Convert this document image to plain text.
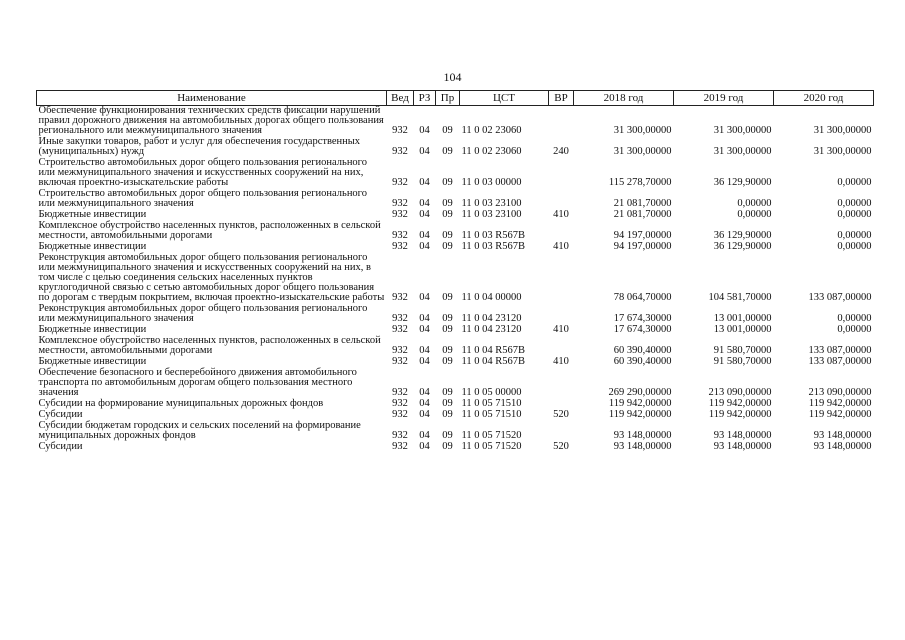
104
Наименование	Вед	РЗ	Пр	ЦСТ	ВР	2018 год	2019 год	2020 год
Обеспечение функционирования технических средств фиксации нарушений правил дорожного движения на автомобильных дорогах общего пользования регионального или межмуниципального значения	932	04	09	11 0 02 23060		31 300,00000	31 300,00000	31 300,00000
Иные закупки товаров, работ и услуг для обеспечения государственных (муниципальных) нужд	932	04	09	11 0 02 23060	240	31 300,00000	31 300,00000	31 300,00000
Строительство автомобильных дорог общего пользования регионального или межмуниципального значения и искусственных сооружений на них, включая проектно-изыскательские работы	932	04	09	11 0 03 00000		115 278,70000	36 129,90000	0,00000
Строительство автомобильных дорог общего пользования регионального или межмуниципального значения	932	04	09	11 0 03 23100		21 081,70000	0,00000	0,00000
Бюджетные инвестиции	932	04	09	11 0 03 23100	410	21 081,70000	0,00000	0,00000
Комплексное обустройство населенных пунктов, расположенных в сельской местности, автомобильными дорогами	932	04	09	11 0 03 R567B		94 197,00000	36 129,90000	0,00000
Бюджетные инвестиции	932	04	09	11 0 03 R567B	410	94 197,00000	36 129,90000	0,00000
Реконструкция автомобильных дорог общего пользования регионального или межмуниципального значения и искусственных сооружений на них, в том числе с целью соединения сельских населенных пунктов круглогодичной связью с сетью автомобильных дорог общего пользования по дорогам с твердым покрытием, включая проектно-изыскательские работы	932	04	09	11 0 04 00000		78 064,70000	104 581,70000	133 087,00000
Реконструкция автомобильных дорог общего пользования регионального или межмуниципального значения	932	04	09	11 0 04 23120		17 674,30000	13 001,00000	0,00000
Бюджетные инвестиции	932	04	09	11 0 04 23120	410	17 674,30000	13 001,00000	0,00000
Комплексное обустройство населенных пунктов, расположенных в сельской местности, автомобильными дорогами	932	04	09	11 0 04 R567B		60 390,40000	91 580,70000	133 087,00000
Бюджетные инвестиции	932	04	09	11 0 04 R567B	410	60 390,40000	91 580,70000	133 087,00000
Обеспечение безопасного и бесперебойного движения автомобильного транспорта по автомобильным дорогам общего пользования местного значения	932	04	09	11 0 05 00000		269 290,00000	213 090,00000	213 090,00000
Субсидии на формирование муниципальных дорожных фондов	932	04	09	11 0 05 71510		119 942,00000	119 942,00000	119 942,00000
Субсидии	932	04	09	11 0 05 71510	520	119 942,00000	119 942,00000	119 942,00000
Субсидии бюджетам городских и сельских поселений на формирование муниципальных дорожных фондов	932	04	09	11 0 05 71520		93 148,00000	93 148,00000	93 148,00000
Субсидии	932	04	09	11 0 05 71520	520	93 148,00000	93 148,00000	93 148,00000
